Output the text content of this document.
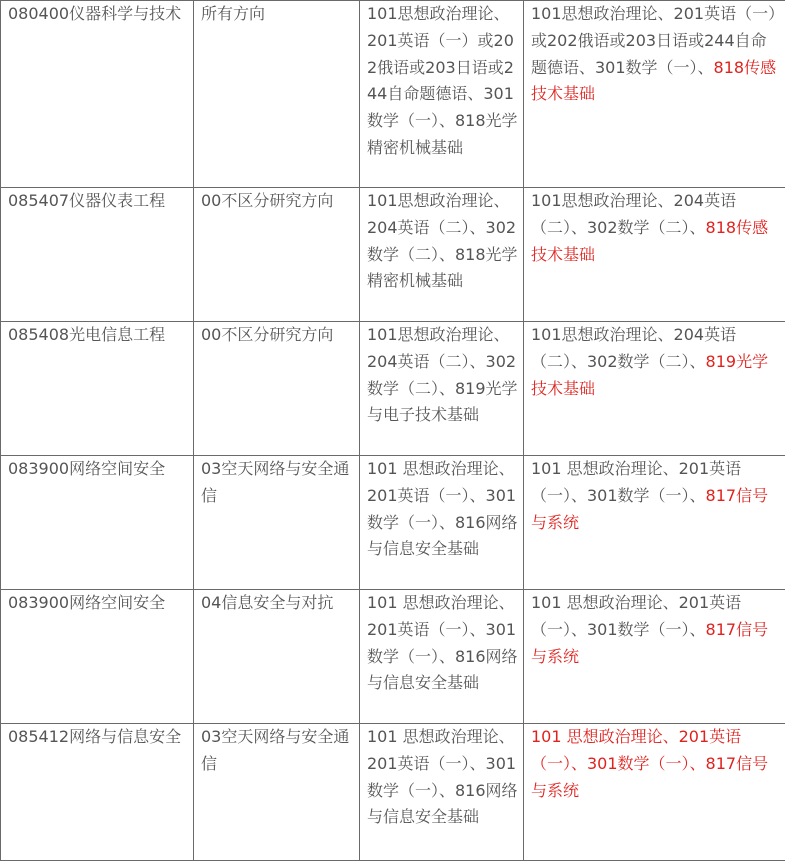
080400仪器科学与技术	所有方向	101思想政治理论、201英语（一）或202俄语或203日语或244自命题德语、301数学（一）、818光学精密机械基础	101思想政治理论、201英语（一）或202俄语或203日语或244自命题德语、301数学（一）、818传感技术基础
085407仪器仪表工程	00不区分研究方向	101思想政治理论、204英语（二）、302数学（二）、818光学精密机械基础	101思想政治理论、204英语（二）、302数学（二）、818传感技术基础
085408光电信息工程	00不区分研究方向	101思想政治理论、204英语（二）、302数学（二）、819光学与电子技术基础	101思想政治理论、204英语（二）、302数学（二）、819光学技术基础
083900网络空间安全	03空天网络与安全通信	101 思想政治理论、201英语（一）、301数学（一）、816网络与信息安全基础	101 思想政治理论、201英语（一）、301数学（一）、817信号与系统
083900网络空间安全	04信息安全与对抗	101 思想政治理论、201英语（一）、301数学（一）、816网络与信息安全基础	101 思想政治理论、201英语（一）、301数学（一）、817信号与系统
085412网络与信息安全	03空天网络与安全通信	101 思想政治理论、201英语（一）、301数学（一）、816网络与信息安全基础	101 思想政治理论、201英语（一）、301数学（一）、817信号与系统
